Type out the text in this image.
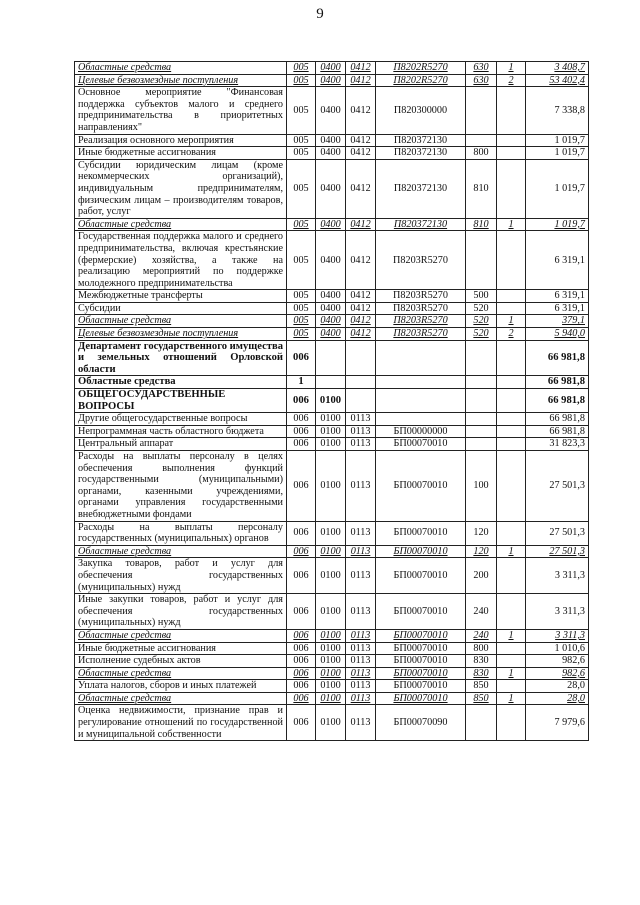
9
Областные средства	005	0400	0412	П8202R5270	630	1	3 408,7
Целевые безвозмездные поступления	005	0400	0412	П8202R5270	630	2	53 402,4
Основное мероприятие "Финансовая поддержка субъектов малого и среднего предпринимательства в приоритетных направлениях"	005	0400	0412	П820300000			7 338,8
Реализация основного мероприятия	005	0400	0412	П820372130			1 019,7
Иные бюджетные ассигнования	005	0400	0412	П820372130	800		1 019,7
Субсидии юридическим лицам (кроме некоммерческих организаций), индивидуальным предпринимателям, физическим лицам – производителям товаров, работ, услуг	005	0400	0412	П820372130	810		1 019,7
Областные средства	005	0400	0412	П820372130	810	1	1 019,7
Государственная поддержка малого и среднего предпринимательства, включая крестьянские (фермерские) хозяйства, а также на реализацию мероприятий по поддержке молодежного предпринимательства	005	0400	0412	П8203R5270			6 319,1
Межбюджетные трансферты	005	0400	0412	П8203R5270	500		6 319,1
Субсидии	005	0400	0412	П8203R5270	520		6 319,1
Областные средства	005	0400	0412	П8203R5270	520	1	379,1
Целевые безвозмездные поступления	005	0400	0412	П8203R5270	520	2	5 940,0
Департамент государственного имущества и земельных отношений Орловской области	006						66 981,8
Областные средства	1						66 981,8
ОБЩЕГОСУДАРСТВЕННЫЕ ВОПРОСЫ	006	0100					66 981,8
Другие общегосударственные вопросы	006	0100	0113				66 981,8
Непрограммная часть областного бюджета	006	0100	0113	БП00000000			66 981,8
Центральный аппарат	006	0100	0113	БП00070010			31 823,3
Расходы на выплаты персоналу в целях обеспечения выполнения функций государственными (муниципальными) органами, казенными учреждениями, органами управления государственными внебюджетными фондами	006	0100	0113	БП00070010	100		27 501,3
Расходы на выплаты персоналу государственных (муниципальных) органов	006	0100	0113	БП00070010	120		27 501,3
Областные средства	006	0100	0113	БП00070010	120	1	27 501,3
Закупка товаров, работ и услуг для обеспечения государственных (муниципальных) нужд	006	0100	0113	БП00070010	200		3 311,3
Иные закупки товаров, работ и услуг для обеспечения государственных (муниципальных) нужд	006	0100	0113	БП00070010	240		3 311,3
Областные средства	006	0100	0113	БП00070010	240	1	3 311,3
Иные бюджетные ассигнования	006	0100	0113	БП00070010	800		1 010,6
Исполнение судебных актов	006	0100	0113	БП00070010	830		982,6
Областные средства	006	0100	0113	БП00070010	830	1	982,6
Уплата налогов, сборов и иных платежей	006	0100	0113	БП00070010	850		28,0
Областные средства	006	0100	0113	БП00070010	850	1	28,0
Оценка недвижимости, признание прав и регулирование отношений по государственной и муниципальной собственности	006	0100	0113	БП00070090			7 979,6
